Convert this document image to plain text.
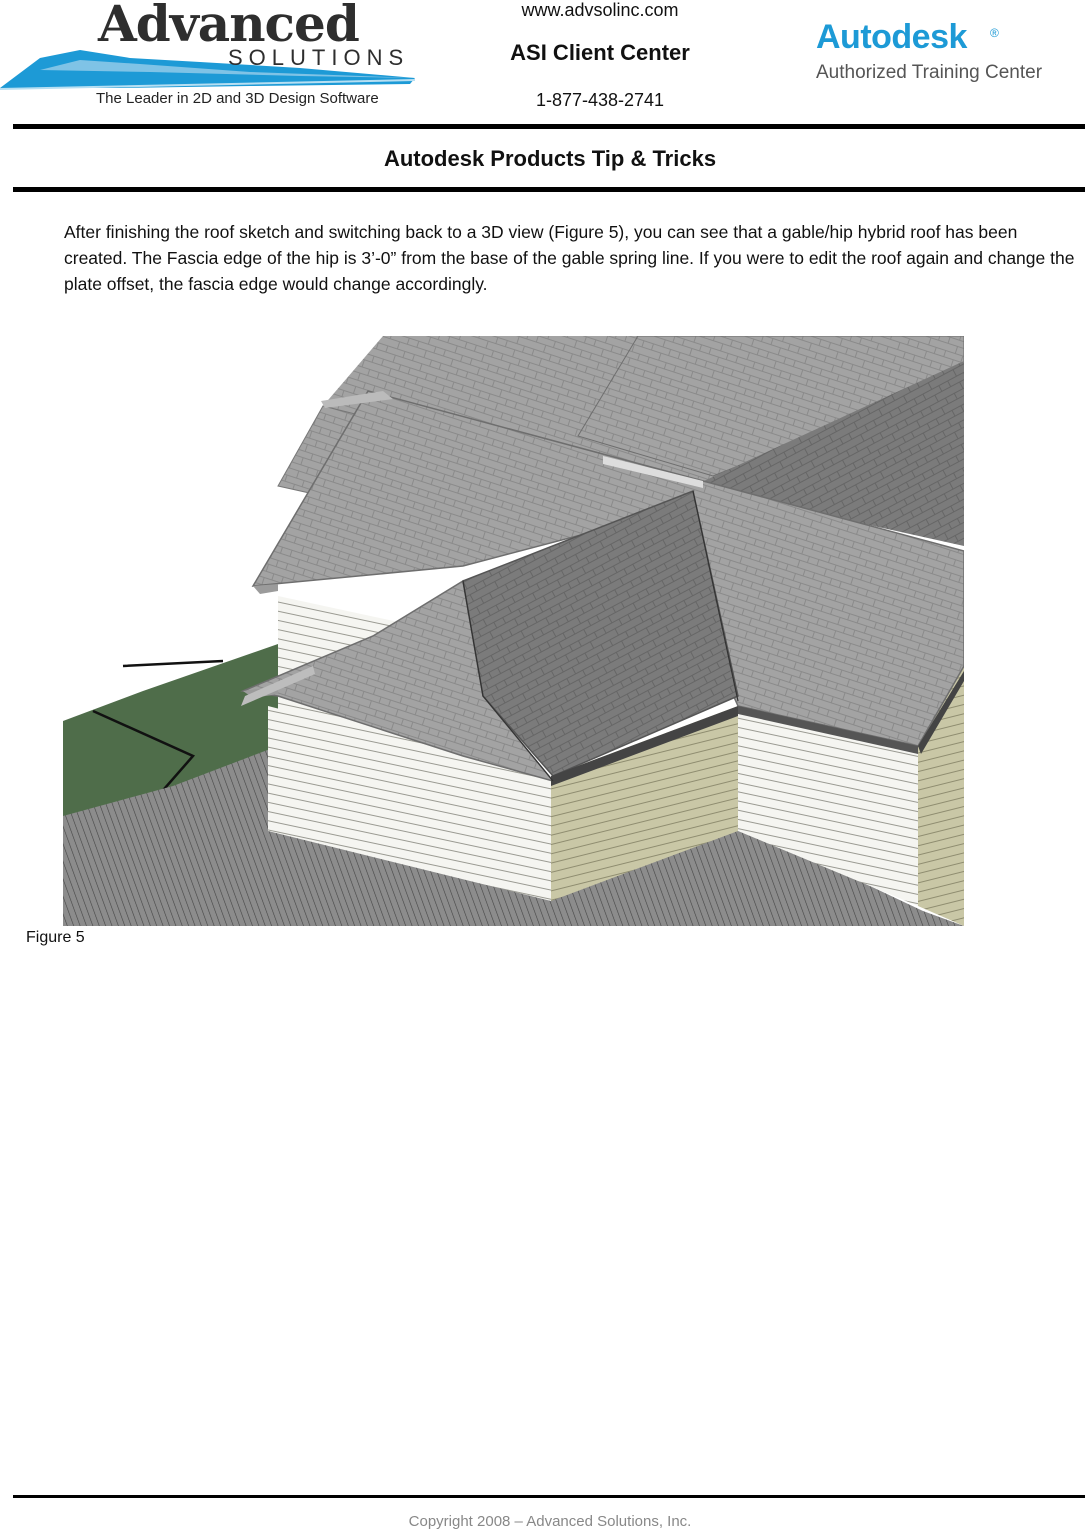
Advanced
SOLUTIONS
The Leader in 2D and 3D Design Software
www.advsolinc.com
ASI Client Center
1-877-438-2741
Autodesk ®
Authorized Training Center
Autodesk Products Tip & Tricks
After finishing the roof sketch and switching back to a 3D view (Figure 5), you can see that a gable/hip hybrid roof has been created. The Fascia edge of the hip is 3’-0” from the base of the gable spring line. If you were to edit the roof again and change the plate offset, the fascia edge would change accordingly.
Figure 5
Copyright 2008 – Advanced Solutions, Inc.
